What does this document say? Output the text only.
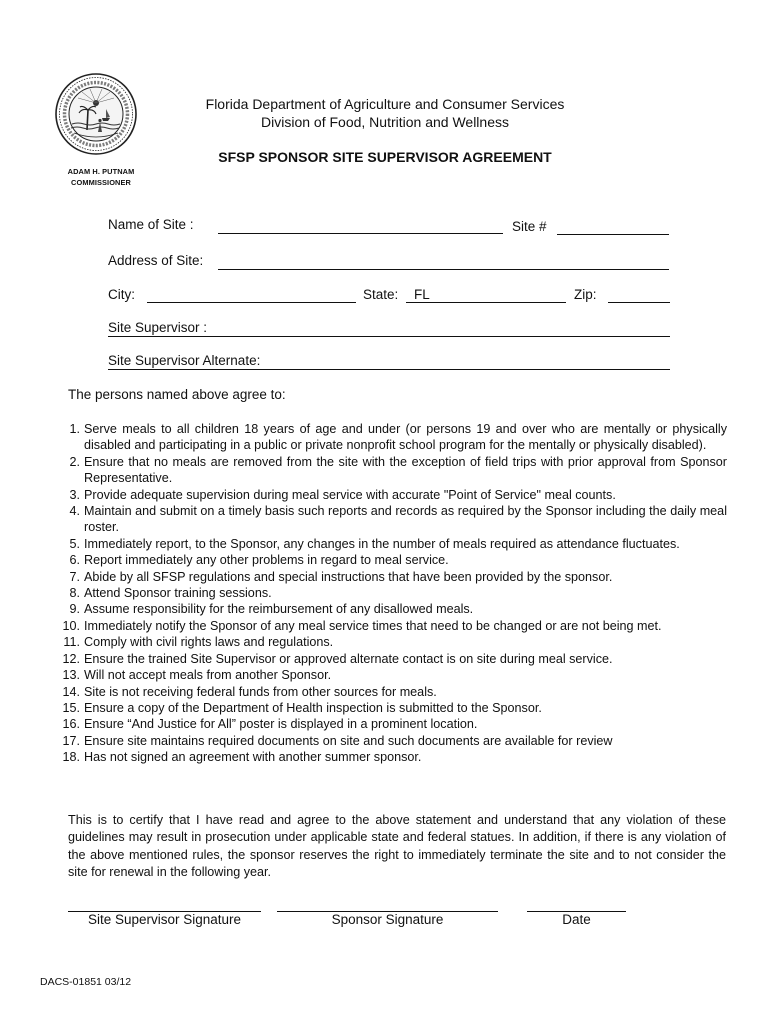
ADAM H. PUTNAM
COMMISSIONER
Florida Department of Agriculture and Consumer Services
Division of Food, Nutrition and Wellness
SFSP SPONSOR SITE SUPERVISOR AGREEMENT
Name of Site :	Site #
Address of Site:
City:	State: FL	Zip:
Site Supervisor :
Site Supervisor Alternate:
The persons named above agree to:
1. Serve meals to all children 18 years of age and under (or persons 19 and over who are mentally or physically disabled and participating in a public or private nonprofit school program for the mentally or physically disabled).
2. Ensure that no meals are removed from the site with the exception of field trips with prior approval from Sponsor Representative.
3. Provide adequate supervision during meal service with accurate "Point of Service" meal counts.
4. Maintain and submit on a timely basis such reports and records as required by the Sponsor including the daily meal roster.
5. Immediately report, to the Sponsor, any changes in the number of meals required as attendance fluctuates.
6. Report immediately any other problems in regard to meal service.
7. Abide by all SFSP regulations and special instructions that have been provided by the sponsor.
8. Attend Sponsor training sessions.
9. Assume responsibility for the reimbursement of any disallowed meals.
10. Immediately notify the Sponsor of any meal service times that need to be changed or are not being met.
11. Comply with civil rights laws and regulations.
12. Ensure the trained Site Supervisor or approved alternate contact is on site during meal service.
13. Will not accept meals from another Sponsor.
14. Site is not receiving federal funds from other sources for meals.
15. Ensure a copy of the Department of Health inspection is submitted to the Sponsor.
16. Ensure “And Justice for All” poster is displayed in a prominent location.
17. Ensure site maintains required documents on site and such documents are available for review
18. Has not signed an agreement with another summer sponsor.
This is to certify that I have read and agree to the above statement and understand that any violation of these guidelines may result in prosecution under applicable state and federal statues. In addition, if there is any violation of the above mentioned rules, the sponsor reserves the right to immediately terminate the site and to not consider the site for renewal in the following year.
Site Supervisor Signature	Sponsor Signature	Date
DACS-01851 03/12
